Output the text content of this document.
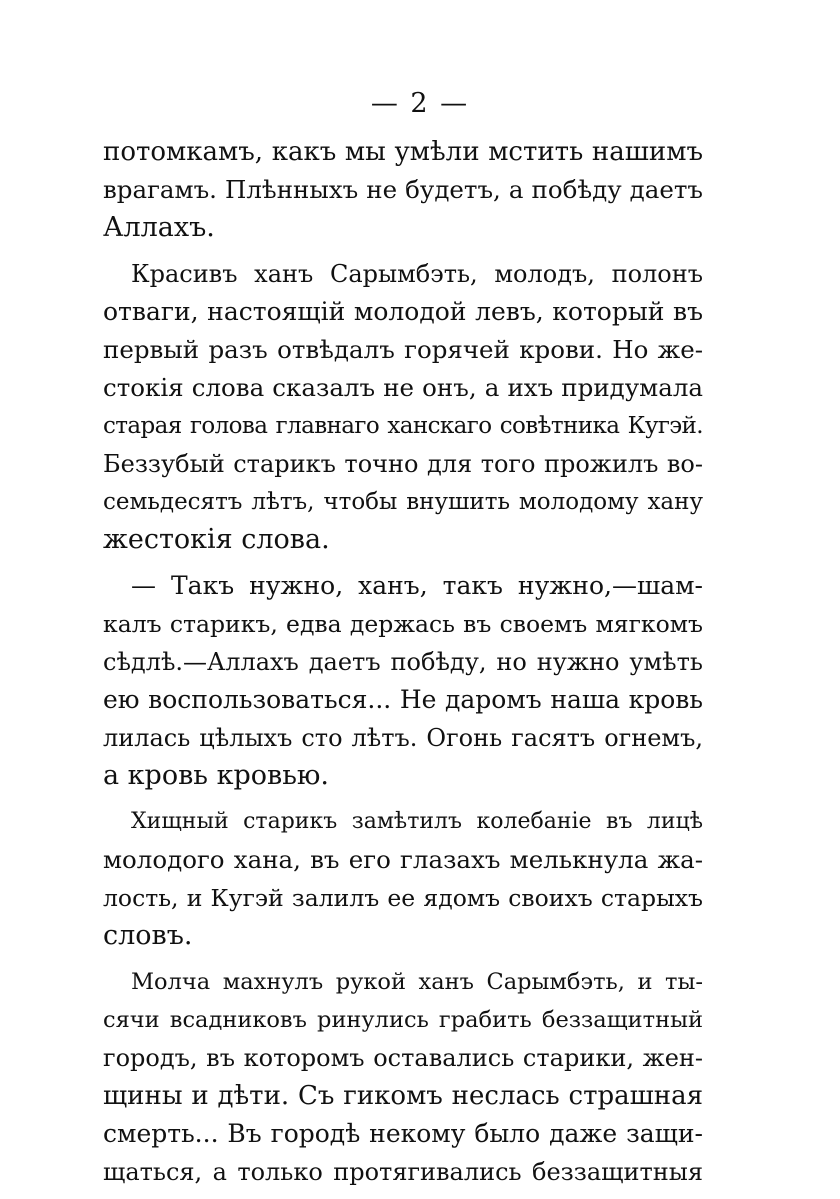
— 2 —
потомкамъ, какъ мы умѣли мстить нашимъ
врагамъ. Плѣнныхъ не будетъ, а побѣду даетъ
Аллахъ.
Красивъ ханъ Сарымбэть, молодъ, полонъ
отваги, настоящій молодой левъ, который въ
первый разъ отвѣдалъ горячей крови. Но же-
стокія слова сказалъ не онъ, а ихъ придумала
старая голова главнаго ханскаго совѣтника Кугэй.
Беззубый старикъ точно для того прожилъ во-
семьдесятъ лѣтъ, чтобы внушить молодому хану
жестокія слова.
— Такъ нужно, ханъ, такъ нужно,—шам-
калъ старикъ, едва держась въ своемъ мягкомъ
сѣдлѣ.—Аллахъ даетъ побѣду, но нужно умѣть
ею воспользоваться... Не даромъ наша кровь
лилась цѣлыхъ сто лѣтъ. Огонь гасятъ огнемъ,
а кровь кровью.
Хищный старикъ замѣтилъ колебаніе въ лицѣ
молодого хана, въ его глазахъ мелькнула жа-
лость, и Кугэй залилъ ее ядомъ своихъ старыхъ
словъ.
Молча махнулъ рукой ханъ Сарымбэть, и ты-
сячи всадниковъ ринулись грабить беззащитный
городъ, въ которомъ оставались старики, жен-
щины и дѣти. Съ гикомъ неслась страшная
смерть... Въ городѣ некому было даже защи-
щаться, а только протягивались беззащитныя
